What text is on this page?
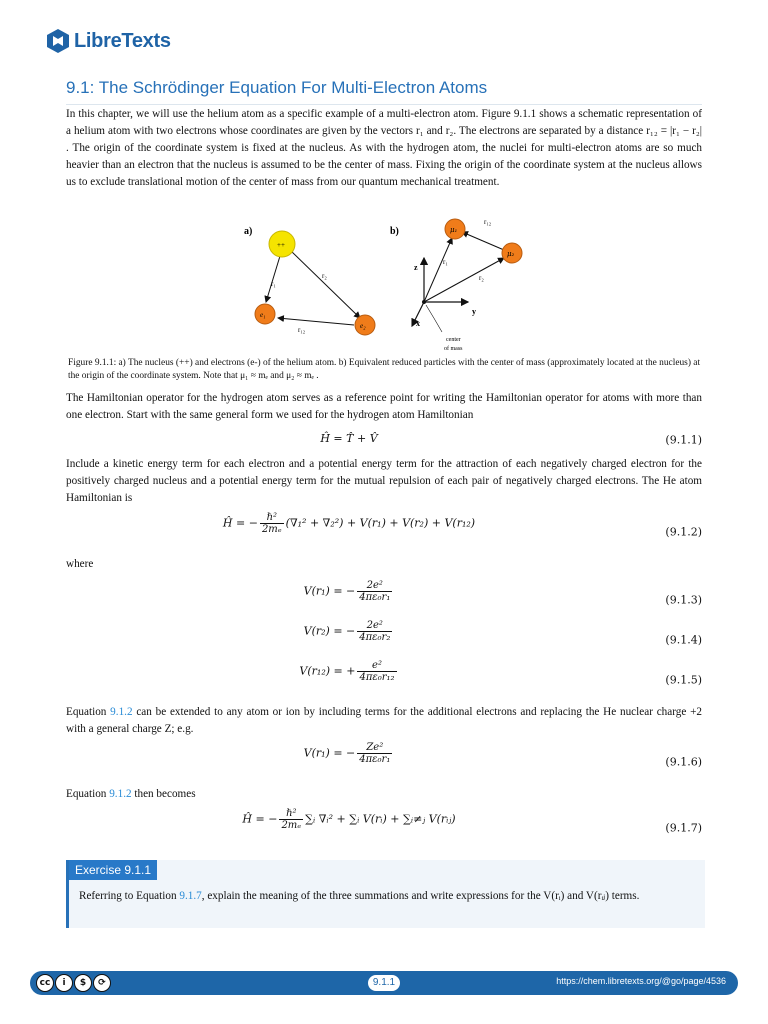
LibreTexts
9.1: The Schrödinger Equation For Multi-Electron Atoms
In this chapter, we will use the helium atom as a specific example of a multi-electron atom. Figure 9.1.1 shows a schematic representation of a helium atom with two electrons whose coordinates are given by the vectors r₁ and r₂. The electrons are separated by a distance r₁₂ = |r₁ − r₂| . The origin of the coordinate system is fixed at the nucleus. As with the hydrogen atom, the nuclei for multi-electron atoms are so much heavier than an electron that the nucleus is assumed to be the center of mass. Fixing the origin of the coordinate system at the nucleus allows us to exclude translational motion of the center of mass from our quantum mechanical treatment.
a)
++
e₁
e₂
r₁
r₂
r₁₂
b)	μ₁
μ₂
r₁₂
r₁
r₂
z
y
x
center
of mass
Figure 9.1.1: a) The nucleus (++) and electrons (e-) of the helium atom. b) Equivalent reduced particles with the center of mass (approximately located at the nucleus) at the origin of the coordinate system. Note that μ₁ ≈ mₑ and μ₂ ≈ mₑ .
The Hamiltonian operator for the hydrogen atom serves as a reference point for writing the Hamiltonian operator for atoms with more than one electron. Start with the same general form we used for the hydrogen atom Hamiltonian
Ĥ = T̂ + V̂	(9.1.1)
Include a kinetic energy term for each electron and a potential energy term for the attraction of each negatively charged electron for the positively charged nucleus and a potential energy term for the mutual repulsion of each pair of negatively charged electrons. The He atom Hamiltonian is
Ĥ = − $\frac{\text{ℏ²}}{\text{2mₑ}} (\nabla_1^2 + \nabla_2^2) + V(r_1) + V(r_2) + V(r_{12})$
(9.1.2)
where
V(r₁) = − $\frac{\text{2e²}}{\text{4πε₀r₁}}$	(9.1.3)
V(r₂) = − $\frac{\text{2e²}}{\text{4πε₀r₂}}$	(9.1.4)
V(r₁₂) = + $\frac{\text{e²}}{\text{4πε₀r₁₂}}$	(9.1.5)
Equation 9.1.2 can be extended to any atom or ion by including terms for the additional electrons and replacing the He nuclear charge +2 with a general charge Z; e.g.
V(r₁) = − $\frac{\text{Ze²}}{\text{4πε₀r₁}}$	(9.1.6)
Equation 9.1.2 then becomes
Ĥ = − $\frac{\text{ℏ²}}{\text{2mₑ}}$ ∑ᵢ ∇ᵢ² + ∑ᵢ V(rᵢ) + ∑ᵢ≠ⱼ V(rᵢⱼ)
(9.1.7)
Exercise 9.1.1
Referring to Equation 9.1.7, explain the meaning of the three summations and write expressions for the V(rᵢ) and V(rᵢⱼ) terms.
cc	i	$	⟳	9.1.1	https://chem.libretexts.org/@go/page/4536
